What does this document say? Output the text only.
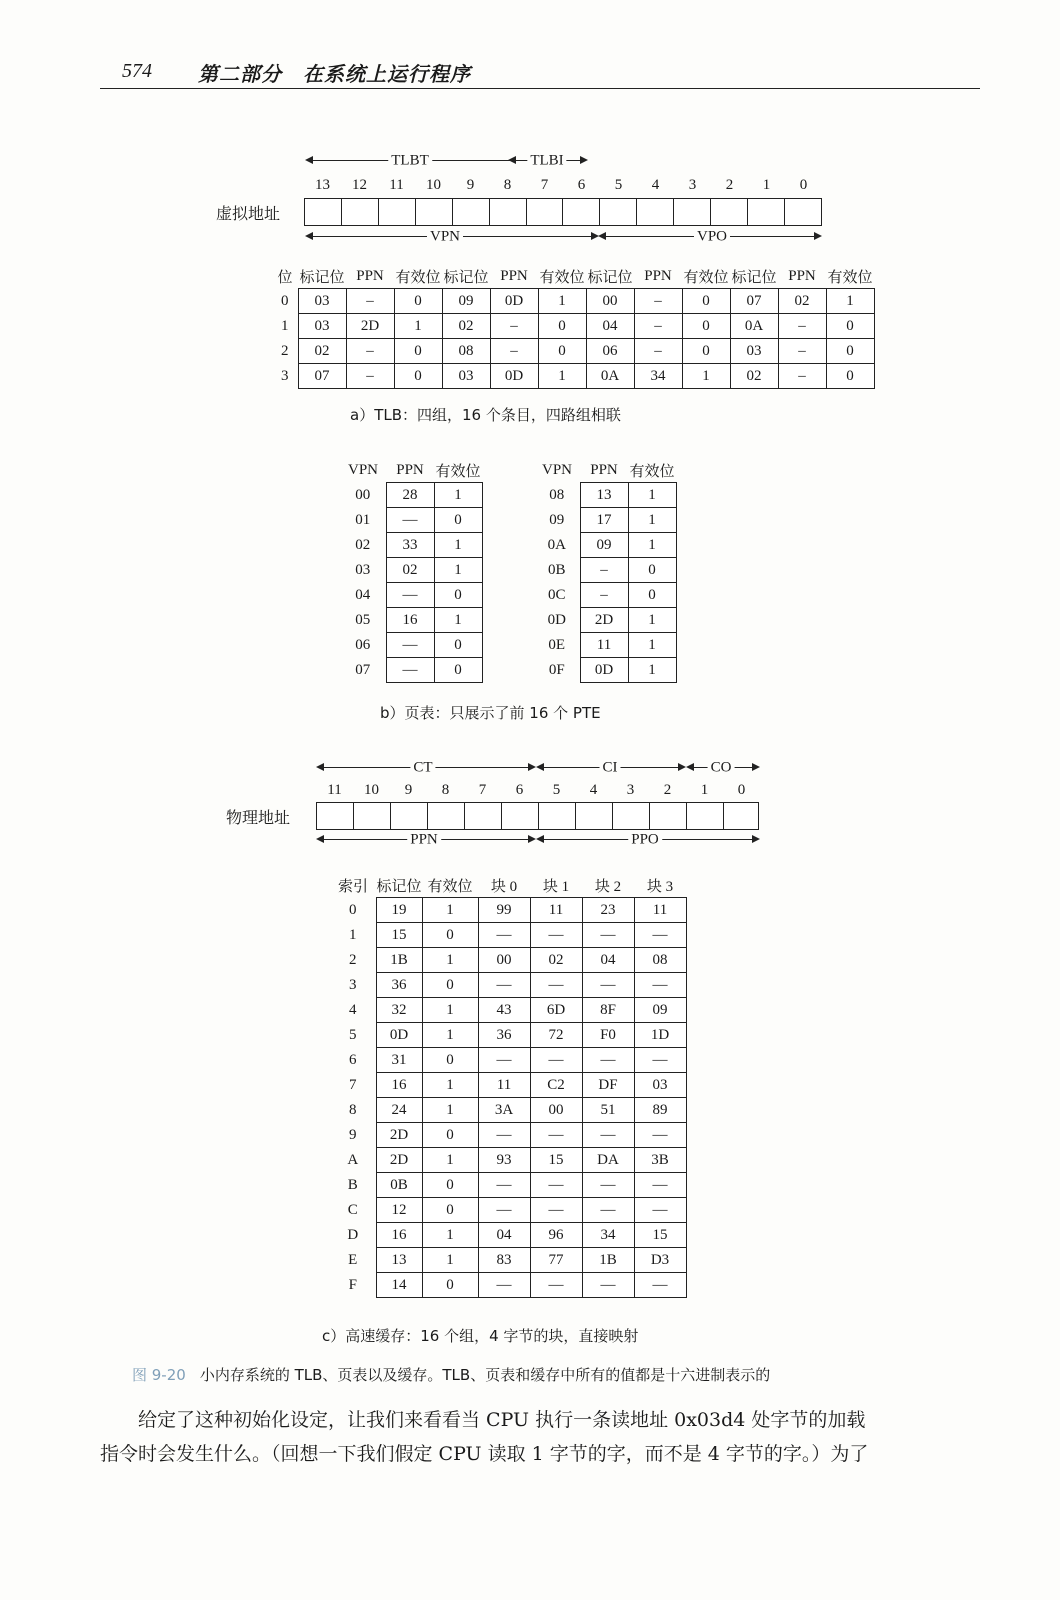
574 第二部分　在系统上运行程序
TLBT	TLBI
13	12	11	10	9	8	7	6	5	4	3	2	1	0
虚拟地址
VPN	VPO
位	标记位	PPN	有效位	标记位	PPN	有效位	标记位	PPN	有效位	标记位	PPN	有效位
0	03	–	0	09	0D	1	00	–	0	07	02	1
1	03	2D	1	02	–	0	04	–	0	0A	–	0
2	02	–	0	08	–	0	06	–	0	03	–	0
3	07	–	0	03	0D	1	0A	34	1	02	–	0
a）TLB：四组，16 个条目，四路组相联
VPN	PPN	有效位
00	28	1
01	—	0
02	33	1
03	02	1
04	—	0
05	16	1
06	—	0
07	—	0
VPN	PPN	有效位
08	13	1
09	17	1
0A	09	1
0B	–	0
0C	–	0
0D	2D	1
0E	11	1
0F	0D	1
b）页表：只展示了前 16 个 PTE
CT	CI	CO
11	10	9	8	7	6	5	4	3	2	1	0
物理地址
PPN	PPO
索引	标记位	有效位	块 0	块 1	块 2	块 3
0	19	1	99	11	23	11
1	15	0	—	—	—	—
2	1B	1	00	02	04	08
3	36	0	—	—	—	—
4	32	1	43	6D	8F	09
5	0D	1	36	72	F0	1D
6	31	0	—	—	—	—
7	16	1	11	C2	DF	03
8	24	1	3A	00	51	89
9	2D	0	—	—	—	—
A	2D	1	93	15	DA	3B
B	0B	0	—	—	—	—
C	12	0	—	—	—	—
D	16	1	04	96	34	15
E	13	1	83	77	1B	D3
F	14	0	—	—	—	—
c）高速缓存：16 个组，4 字节的块，直接映射
图 9-20 小内存系统的 TLB、页表以及缓存。TLB、页表和缓存中所有的值都是十六进制表示的
给定了这种初始化设定，让我们来看看当 CPU 执行一条读地址 0x03d4 处字节的加载
指令时会发生什么。（回想一下我们假定 CPU 读取 1 字节的字，而不是 4 字节的字。）为了
